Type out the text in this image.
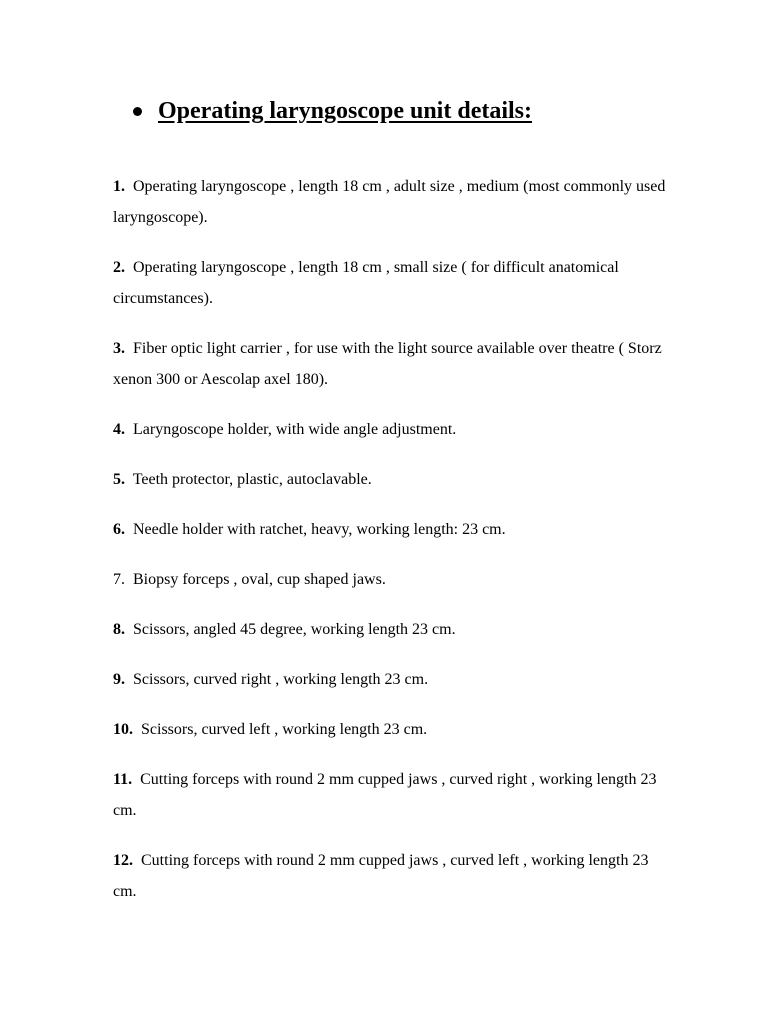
Operating laryngoscope unit details:

1. Operating laryngoscope , length 18 cm , adult size , medium (most commonly used laryngoscope).

2. Operating laryngoscope , length 18 cm , small size ( for difficult anatomical circumstances).

3. Fiber optic light carrier , for use with the light source available over theatre ( Storz xenon 300 or Aescolap axel 180).

4. Laryngoscope holder, with wide angle adjustment.

5. Teeth protector, plastic, autoclavable.

6. Needle holder with ratchet, heavy, working length: 23 cm.

7. Biopsy forceps , oval, cup shaped jaws.

8. Scissors, angled 45 degree, working length 23 cm.

9. Scissors, curved right , working length 23 cm.

10. Scissors, curved left , working length 23 cm.

11. Cutting forceps with round 2 mm cupped jaws , curved right , working length 23 cm.

12. Cutting forceps with round 2 mm cupped jaws , curved left , working length 23 cm.
